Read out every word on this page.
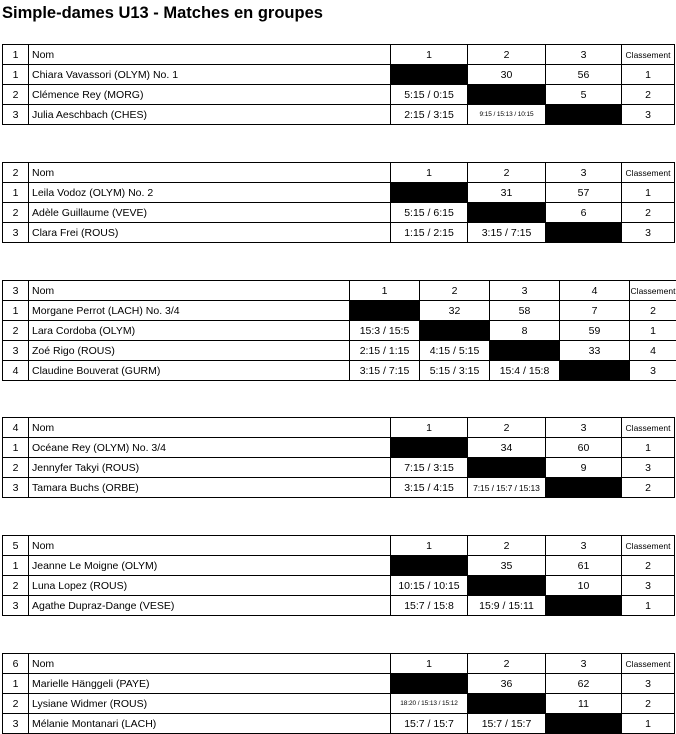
Simple-dames U13 - Matches en groupes
1	Nom	1	2	3	Classement
1	Chiara Vavassori (OLYM) No. 1		30	56	1
2	Clémence Rey (MORG)	5:15 / 0:15		5	2
3	Julia Aeschbach (CHES)	2:15 / 3:15	9:15 / 15:13 / 10:15		3
2	Nom	1	2	3	Classement
1	Leila Vodoz (OLYM) No. 2		31	57	1
2	Adèle Guillaume (VEVE)	5:15 / 6:15		6	2
3	Clara Frei (ROUS)	1:15 / 2:15	3:15 / 7:15		3
3	Nom	1	2	3	4	Classement
1	Morgane Perrot (LACH) No. 3/4		32	58	7	2
2	Lara Cordoba (OLYM)	15:3 / 15:5		8	59	1
3	Zoé Rigo (ROUS)	2:15 / 1:15	4:15 / 5:15		33	4
4	Claudine Bouverat (GURM)	3:15 / 7:15	5:15 / 3:15	15:4 / 15:8		3
4	Nom	1	2	3	Classement
1	Océane Rey (OLYM) No. 3/4		34	60	1
2	Jennyfer Takyi (ROUS)	7:15 / 3:15		9	3
3	Tamara Buchs (ORBE)	3:15 / 4:15	7:15 / 15:7 / 15:13		2
5	Nom	1	2	3	Classement
1	Jeanne Le Moigne (OLYM)		35	61	2
2	Luna Lopez (ROUS)	10:15 / 10:15		10	3
3	Agathe Dupraz-Dange (VESE)	15:7 / 15:8	15:9 / 15:11		1
6	Nom	1	2	3	Classement
1	Marielle Hänggeli (PAYE)		36	62	3
2	Lysiane Widmer (ROUS)	18:20 / 15:13 / 15:12		11	2
3	Mélanie Montanari (LACH)	15:7 / 15:7	15:7 / 15:7		1
